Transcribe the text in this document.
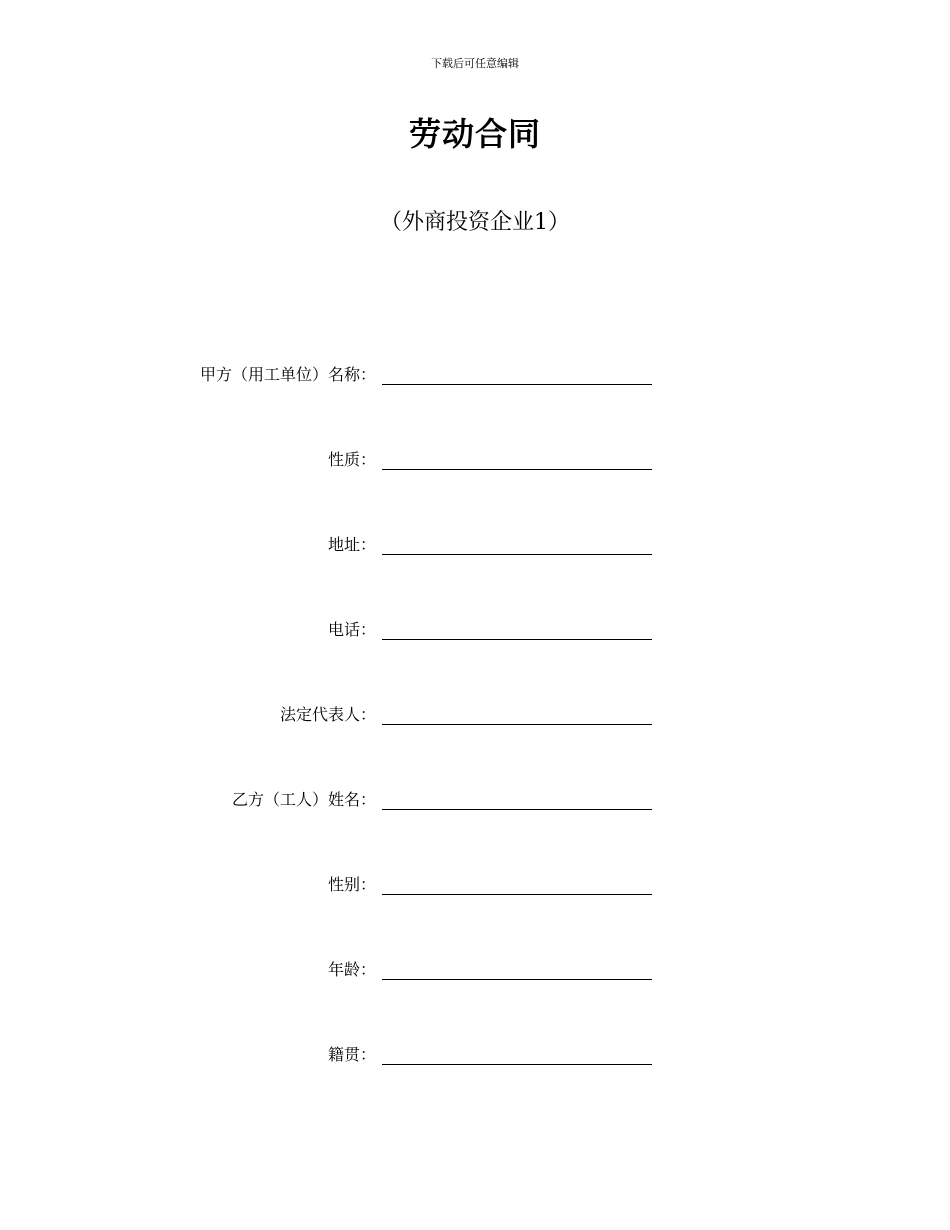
下载后可任意编辑
劳动合同
（外商投资企业1）
甲方（用工单位）名称：
性质：
地址：
电话：
法定代表人：
乙方（工人）姓名：
性别：
年龄：
籍贯：
